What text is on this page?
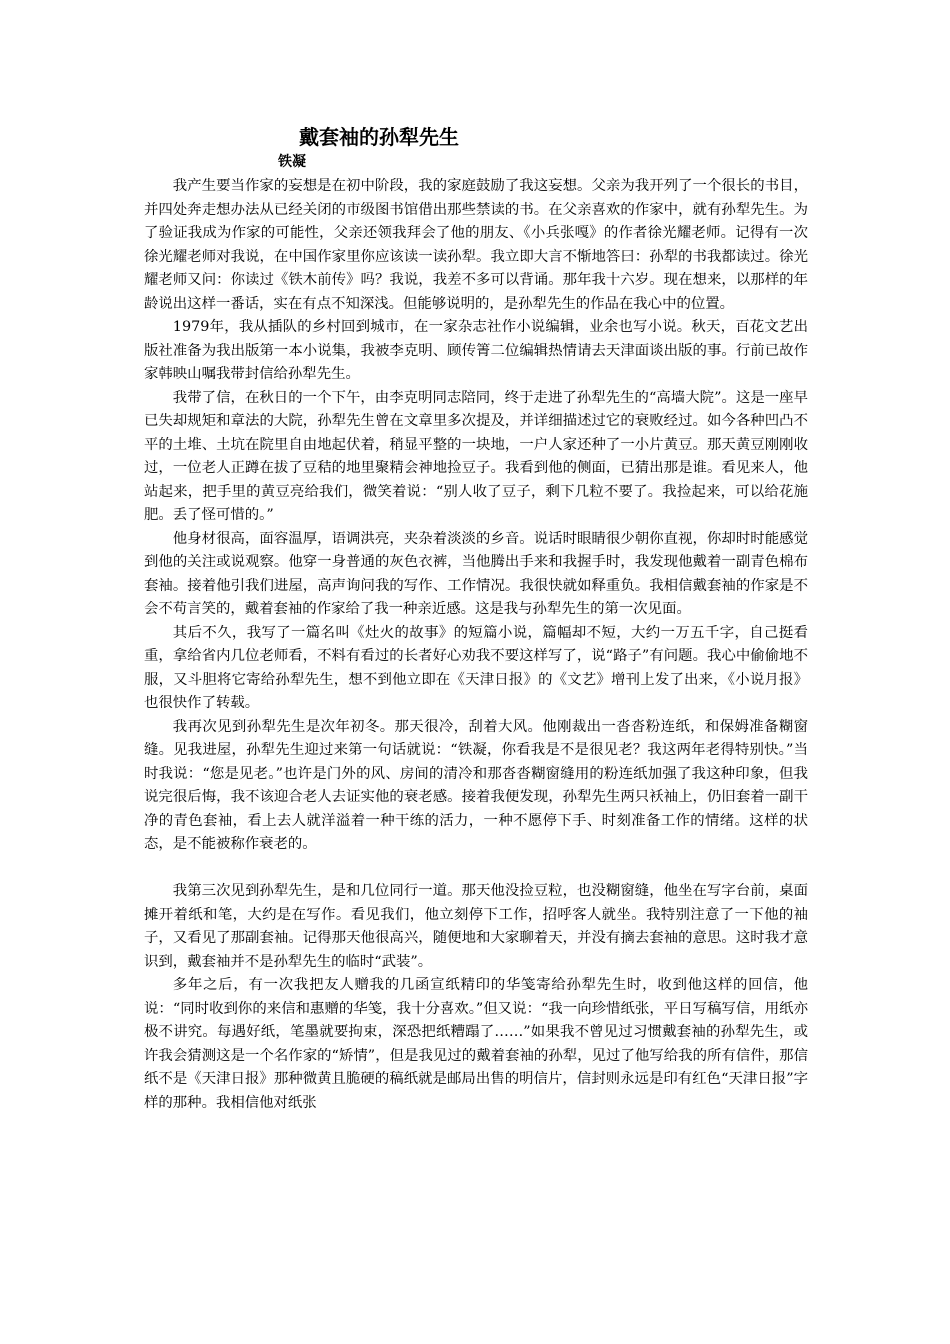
戴套袖的孙犁先生
铁凝

我产生要当作家的妄想是在初中阶段，我的家庭鼓励了我这妄想。父亲为我开列了一个很长的书目，并四处奔走想办法从已经关闭的市级图书馆借出那些禁读的书。在父亲喜欢的作家中，就有孙犁先生。为了验证我成为作家的可能性，父亲还领我拜会了他的朋友、《小兵张嘎》的作者徐光耀老师。记得有一次徐光耀老师对我说，在中国作家里你应该读一读孙犁。我立即大言不惭地答曰：孙犁的书我都读过。徐光耀老师又问：你读过《铁木前传》吗？我说，我差不多可以背诵。那年我十六岁。现在想来，以那样的年龄说出这样一番话，实在有点不知深浅。但能够说明的，是孙犁先生的作品在我心中的位置。

1979年，我从插队的乡村回到城市，在一家杂志社作小说编辑，业余也写小说。秋天，百花文艺出版社准备为我出版第一本小说集，我被李克明、顾传箐二位编辑热情请去天津面谈出版的事。行前已故作家韩映山嘱我带封信给孙犁先生。

我带了信，在秋日的一个下午，由李克明同志陪同，终于走进了孙犁先生的“高墙大院”。这是一座早已失却规矩和章法的大院，孙犁先生曾在文章里多次提及，并详细描述过它的衰败经过。如今各种凹凸不平的土堆、土坑在院里自由地起伏着，稍显平整的一块地，一户人家还种了一小片黄豆。那天黄豆刚刚收过，一位老人正蹲在拔了豆秸的地里聚精会神地捡豆子。我看到他的侧面，已猜出那是谁。看见来人，他站起来，把手里的黄豆亮给我们，微笑着说：“别人收了豆子，剩下几粒不要了。我捡起来，可以给花施肥。丢了怪可惜的。”

他身材很高，面容温厚，语调洪亮，夹杂着淡淡的乡音。说话时眼睛很少朝你直视，你却时时能感觉到他的关注或说观察。他穿一身普通的灰色衣裤，当他腾出手来和我握手时，我发现他戴着一副青色棉布套袖。接着他引我们进屋，高声询问我的写作、工作情况。我很快就如释重负。我相信戴套袖的作家是不会不苟言笑的，戴着套袖的作家给了我一种亲近感。这是我与孙犁先生的第一次见面。

其后不久，我写了一篇名叫《灶火的故事》的短篇小说，篇幅却不短，大约一万五千字，自己挺看重，拿给省内几位老师看，不料有看过的长者好心劝我不要这样写了，说“路子”有问题。我心中偷偷地不服，又斗胆将它寄给孙犁先生，想不到他立即在《天津日报》的《文艺》增刊上发了出来，《小说月报》也很快作了转载。

我再次见到孙犁先生是次年初冬。那天很冷，刮着大风。他刚裁出一沓沓粉连纸，和保姆准备糊窗缝。见我进屋，孙犁先生迎过来第一句话就说：“铁凝，你看我是不是很见老？我这两年老得特别快。”当时我说：“您是见老。”也许是门外的风、房间的清冷和那沓沓糊窗缝用的粉连纸加强了我这种印象，但我说完很后悔，我不该迎合老人去证实他的衰老感。接着我便发现，孙犁先生两只袄袖上，仍旧套着一副干净的青色套袖，看上去人就洋溢着一种干练的活力，一种不愿停下手、时刻准备工作的情绪。这样的状态，是不能被称作衰老的。

我第三次见到孙犁先生，是和几位同行一道。那天他没捡豆粒，也没糊窗缝，他坐在写字台前，桌面摊开着纸和笔，大约是在写作。看见我们，他立刻停下工作，招呼客人就坐。我特别注意了一下他的袖子，又看见了那副套袖。记得那天他很高兴，随便地和大家聊着天，并没有摘去套袖的意思。这时我才意识到，戴套袖并不是孙犁先生的临时“武装”。

多年之后，有一次我把友人赠我的几函宣纸精印的华笺寄给孙犁先生时，收到他这样的回信，他说：“同时收到你的来信和惠赠的华笺，我十分喜欢。”但又说：“我一向珍惜纸张，平日写稿写信，用纸亦极不讲究。每遇好纸，笔墨就要拘束，深恐把纸糟蹋了……”如果我不曾见过习惯戴套袖的孙犁先生，或许我会猜测这是一个名作家的“矫情”，但是我见过的戴着套袖的孙犁，见过了他写给我的所有信件，那信纸不是《天津日报》那种微黄且脆硬的稿纸就是邮局出售的明信片，信封则永远是印有红色“天津日报”字样的那种。我相信他对纸张
